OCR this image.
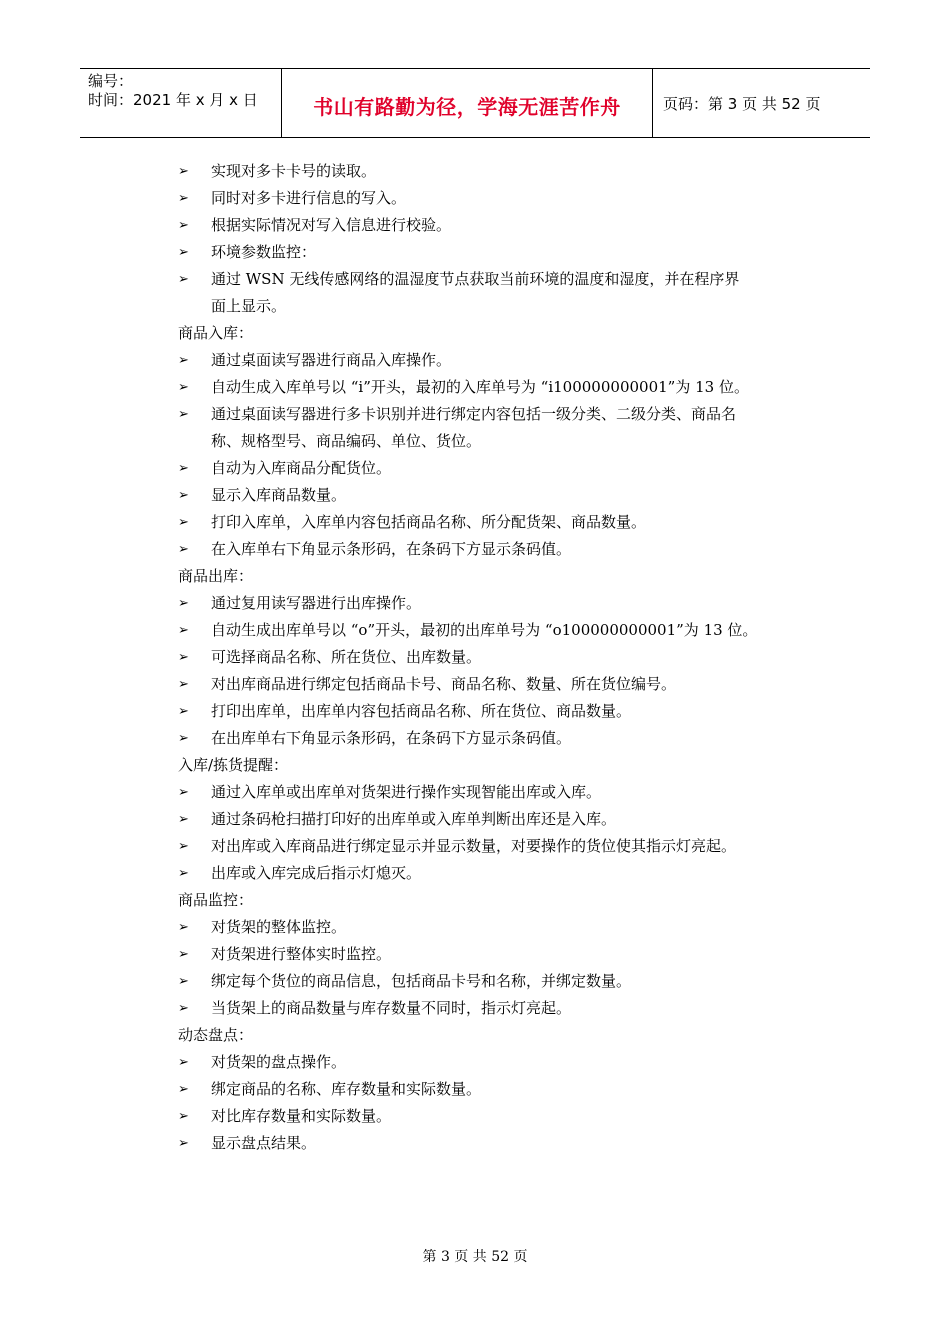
编号：
时间：2021 年 x 月 x 日	书山有路勤为径，学海无涯苦作舟	页码：第 3 页 共 52 页
➢	实现对多卡卡号的读取。
➢	同时对多卡进行信息的写入。
➢	根据实际情况对写入信息进行校验。
➢	环境参数监控：
➢	通过 WSN 无线传感网络的温湿度节点获取当前环境的温度和湿度，并在程序界
面上显示。
商品入库：
➢	通过桌面读写器进行商品入库操作。
➢	自动生成入库单号以 “i”开头，最初的入库单号为 “i100000000001”为 13 位。
➢	通过桌面读写器进行多卡识别并进行绑定内容包括一级分类、二级分类、商品名
称、规格型号、商品编码、单位、货位。
➢	自动为入库商品分配货位。
➢	显示入库商品数量。
➢	打印入库单，入库单内容包括商品名称、所分配货架、商品数量。
➢	在入库单右下角显示条形码，在条码下方显示条码值。
商品出库：
➢	通过复用读写器进行出库操作。
➢	自动生成出库单号以 “o”开头，最初的出库单号为 “o100000000001”为 13 位。
➢	可选择商品名称、所在货位、出库数量。
➢	对出库商品进行绑定包括商品卡号、商品名称、数量、所在货位编号。
➢	打印出库单，出库单内容包括商品名称、所在货位、商品数量。
➢	在出库单右下角显示条形码，在条码下方显示条码值。
入库/拣货提醒：
➢	通过入库单或出库单对货架进行操作实现智能出库或入库。
➢	通过条码枪扫描打印好的出库单或入库单判断出库还是入库。
➢	对出库或入库商品进行绑定显示并显示数量，对要操作的货位使其指示灯亮起。
➢	出库或入库完成后指示灯熄灭。
商品监控：
➢	对货架的整体监控。
➢	对货架进行整体实时监控。
➢	绑定每个货位的商品信息，包括商品卡号和名称，并绑定数量。
➢	当货架上的商品数量与库存数量不同时，指示灯亮起。
动态盘点：
➢	对货架的盘点操作。
➢	绑定商品的名称、库存数量和实际数量。
➢	对比库存数量和实际数量。
➢	显示盘点结果。
第 3 页 共 52 页
